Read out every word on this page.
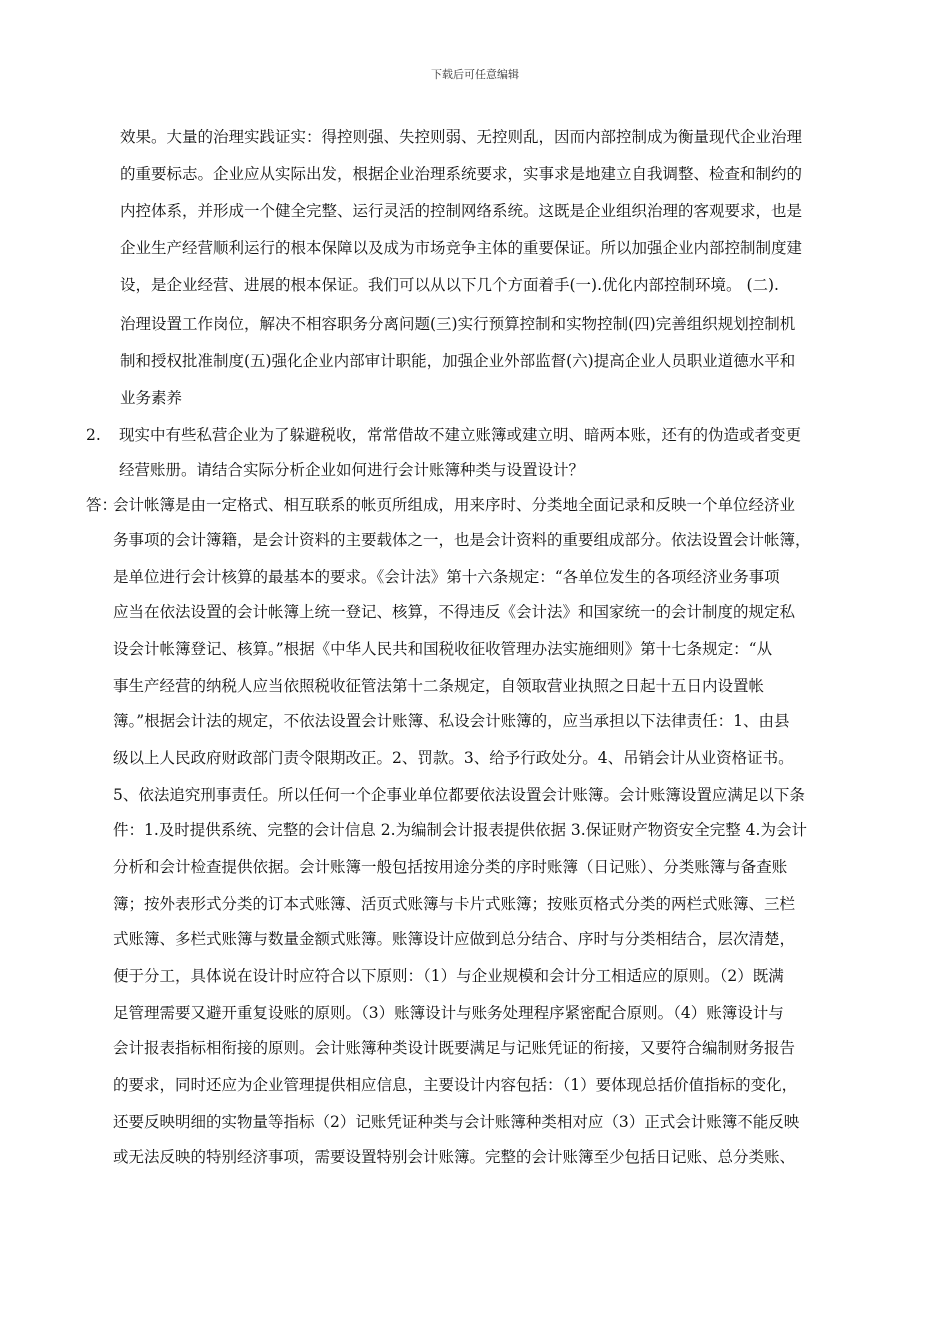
下载后可任意编辑
效果。大量的治理实践证实：得控则强、失控则弱、无控则乱，因而内部控制成为衡量现代企业治理
的重要标志。企业应从实际出发，根据企业治理系统要求，实事求是地建立自我调整、检查和制约的
内控体系，并形成一个健全完整、运行灵活的控制网络系统。这既是企业组织治理的客观要求，也是
企业生产经营顺利运行的根本保障以及成为市场竞争主体的重要保证。所以加强企业内部控制制度建
设，是企业经营、进展的根本保证。我们可以从以下几个方面着手(一).优化内部控制环境。 (二).
治理设置工作岗位，解决不相容职务分离问题(三)实行预算控制和实物控制(四)完善组织规划控制机
制和授权批准制度(五)强化企业内部审计职能，加强企业外部监督(六)提高企业人员职业道德水平和
业务素养
2. 现实中有些私营企业为了躲避税收，常常借故不建立账簿或建立明、暗两本账，还有的伪造或者变更
经营账册。请结合实际分析企业如何进行会计账簿种类与设置设计？
答：
会计帐簿是由一定格式、相互联系的帐页所组成，用来序时、分类地全面记录和反映一个单位经济业
务事项的会计簿籍，是会计资料的主要载体之一，也是会计资料的重要组成部分。依法设置会计帐簿，
是单位进行会计核算的最基本的要求。《会计法》第十六条规定：“各单位发生的各项经济业务事项
应当在依法设置的会计帐簿上统一登记、核算，不得违反《会计法》和国家统一的会计制度的规定私
设会计帐簿登记、核算。”根据《中华人民共和国税收征收管理办法实施细则》第十七条规定：“从
事生产经营的纳税人应当依照税收征管法第十二条规定，自领取营业执照之日起十五日内设置帐
簿。”根据会计法的规定，不依法设置会计账簿、私设会计账簿的，应当承担以下法律责任：1、由县
级以上人民政府财政部门责令限期改正。2、罚款。3、给予行政处分。4、吊销会计从业资格证书。
5、依法追究刑事责任。所以任何一个企事业单位都要依法设置会计账簿。会计账簿设置应满足以下条
件：1.及时提供系统、完整的会计信息 2.为编制会计报表提供依据 3.保证财产物资安全完整 4.为会计
分析和会计检查提供依据。会计账簿一般包括按用途分类的序时账簿（日记账）、分类账簿与备查账
簿；按外表形式分类的订本式账簿、活页式账簿与卡片式账簿；按账页格式分类的两栏式账簿、三栏
式账簿、多栏式账簿与数量金额式账簿。账簿设计应做到总分结合、序时与分类相结合，层次清楚，
便于分工，具体说在设计时应符合以下原则：（1）与企业规模和会计分工相适应的原则。（2）既满
足管理需要又避开重复设账的原则。（3）账簿设计与账务处理程序紧密配合原则。（4）账簿设计与
会计报表指标相衔接的原则。会计账簿种类设计既要满足与记账凭证的衔接，又要符合编制财务报告
的要求，同时还应为企业管理提供相应信息，主要设计内容包括：（1）要体现总括价值指标的变化，
还要反映明细的实物量等指标（2）记账凭证种类与会计账簿种类相对应（3）正式会计账簿不能反映
或无法反映的特别经济事项，需要设置特别会计账簿。完整的会计账簿至少包括日记账、总分类账、
